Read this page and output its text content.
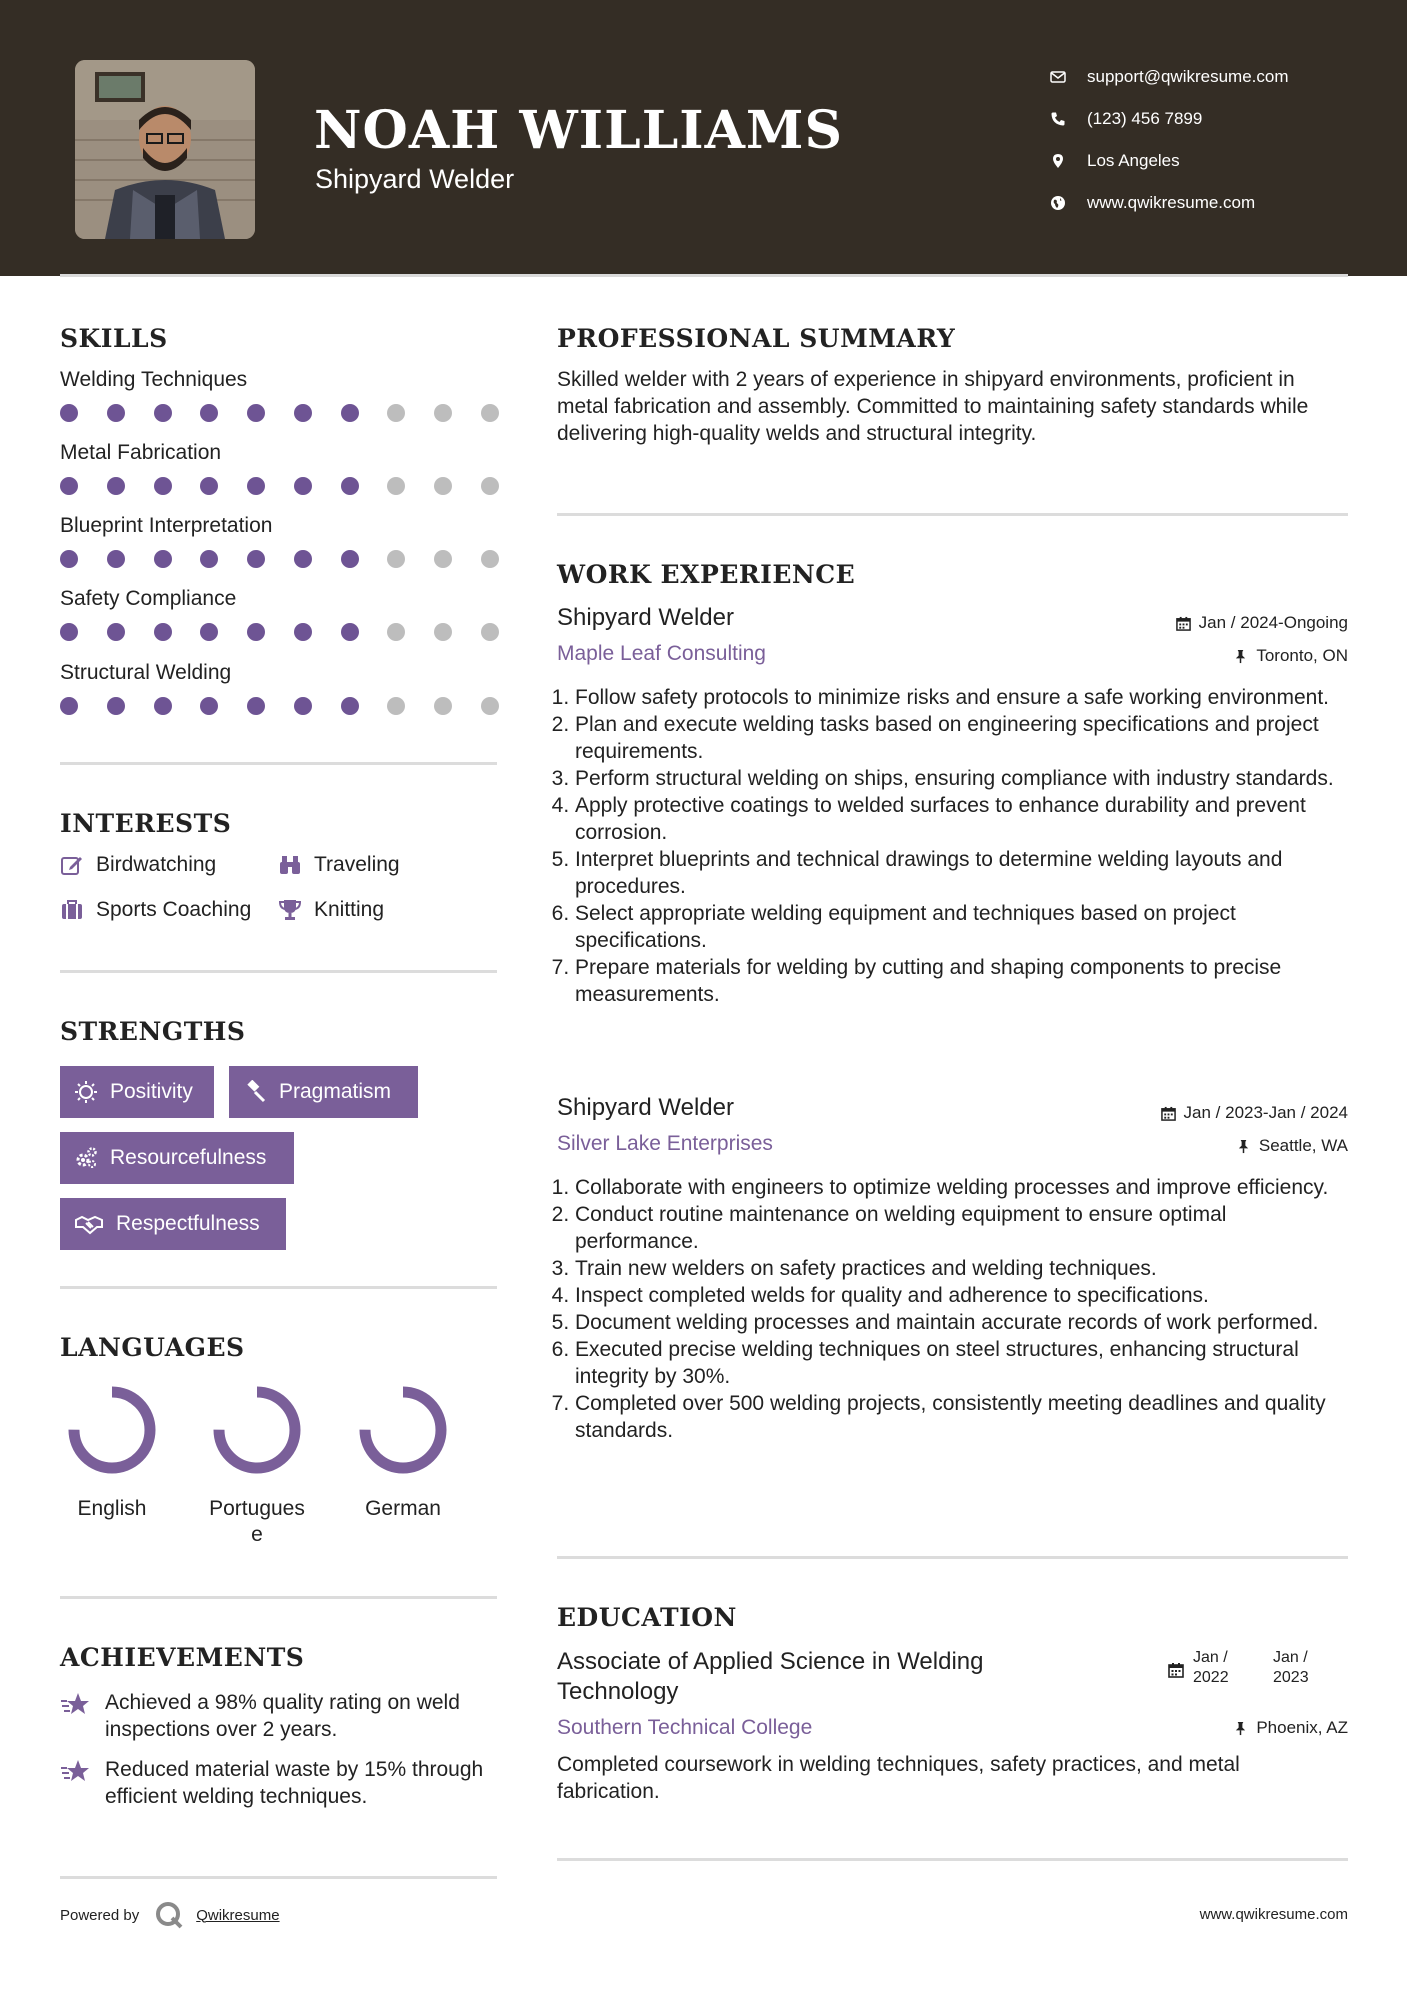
NOAH WILLIAMS
Shipyard Welder
support@qwikresume.com
(123) 456 7899
Los Angeles
www.qwikresume.com
SKILLS
Welding Techniques
Metal Fabrication
Blueprint Interpretation
Safety Compliance
Structural Welding
INTERESTS
Birdwatching	Traveling
Sports Coaching	Knitting
STRENGTHS
Positivity	Pragmatism
Resourcefulness
Respectfulness
LANGUAGES
English	Portuguese
German
ACHIEVEMENTS
Achieved a 98% quality rating on weld inspections over 2 years.
Reduced material waste by 15% through efficient welding techniques.
Powered by	Qwikresume	www.qwikresume.com
PROFESSIONAL SUMMARY
Skilled welder with 2 years of experience in shipyard environments, proficient in metal fabrication and assembly. Committed to maintaining safety standards while delivering high-quality welds and structural integrity.
WORK EXPERIENCE
Shipyard Welder	Jan / 2024-Ongoing
Maple Leaf Consulting	Toronto, ON
1. Follow safety protocols to minimize risks and ensure a safe working environment.
2. Plan and execute welding tasks based on engineering specifications and project requirements.
3. Perform structural welding on ships, ensuring compliance with industry standards.
4. Apply protective coatings to welded surfaces to enhance durability and prevent corrosion.
5. Interpret blueprints and technical drawings to determine welding layouts and procedures.
6. Select appropriate welding equipment and techniques based on project specifications.
7. Prepare materials for welding by cutting and shaping components to precise measurements.
Shipyard Welder	Jan / 2023-Jan / 2024
Silver Lake Enterprises	Seattle, WA
1. Collaborate with engineers to optimize welding processes and improve efficiency.
2. Conduct routine maintenance on welding equipment to ensure optimal performance.
3. Train new welders on safety practices and welding techniques.
4. Inspect completed welds for quality and adherence to specifications.
5. Document welding processes and maintain accurate records of work performed.
6. Executed precise welding techniques on steel structures, enhancing structural integrity by 30%.
7. Completed over 500 welding projects, consistently meeting deadlines and quality standards.
EDUCATION
Associate of Applied Science in Welding
Technology
Jan /
2022
Jan /
2023
Southern Technical College	Phoenix, AZ
Completed coursework in welding techniques, safety practices, and metal fabrication.
